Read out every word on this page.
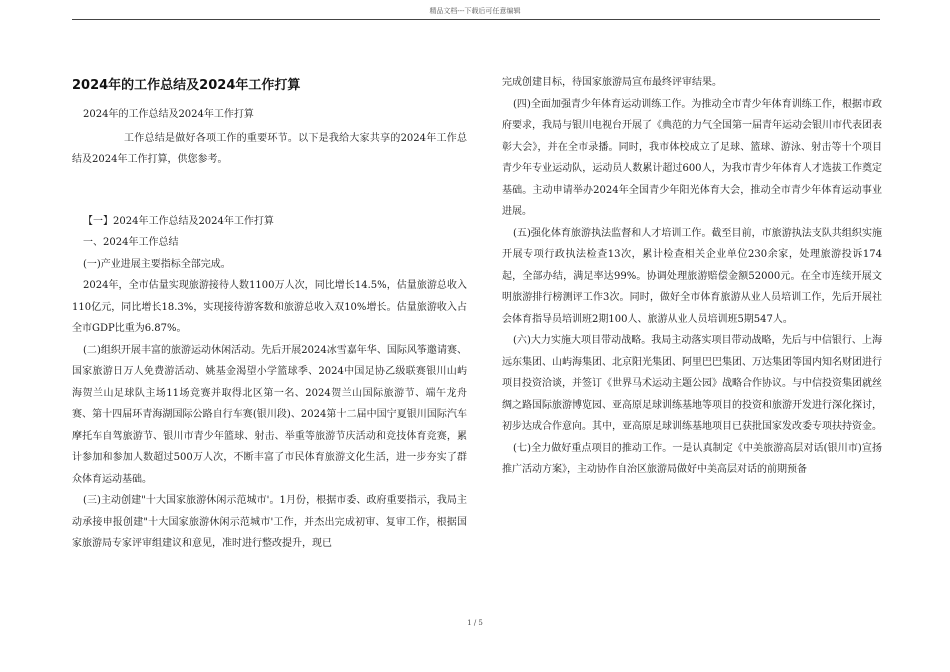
精品文档---下载后可任意编辑
2024年的工作总结及2024年工作打算

2024年的工作总结及2024年工作打算

工作总结是做好各项工作的重要环节。以下是我给大家共享的2024年工作总结及2024年工作打算，供您参考。

【一】2024年工作总结及2024年工作打算

一、2024年工作总结

(一)产业进展主要指标全部完成。

2024年，全市估量实现旅游接待人数1100万人次，同比增长14.5%，估量旅游总收入110亿元，同比增长18.3%，实现接待游客数和旅游总收入双10%增长。估量旅游收入占全市GDP比重为6.87%。

(二)组织开展丰富的旅游运动休闲活动。先后开展2024冰雪嘉年华、国际风筝邀请赛、国家旅游日万人免费游活动、姚基金渴望小学篮球季、2024中国足协乙级联赛银川山屿海贺兰山足球队主场11场竞赛并取得北区第一名、2024贺兰山国际旅游节、端午龙舟赛、第十四届环青海湖国际公路自行车赛(银川段)、2024第十二届中国宁夏银川国际汽车摩托车自驾旅游节、银川市青少年篮球、射击、举重等旅游节庆活动和竞技体育竞赛，累计参加和参加人数超过500万人次，不断丰富了市民体育旅游文化生活，进一步夯实了群众体育运动基础。

(三)主动创建"十大国家旅游休闲示范城市'。1月份，根据市委、政府重要指示，我局主动承接申报创建"十大国家旅游休闲示范城市'工作，并杰出完成初审、复审工作，根据国家旅游局专家评审组建议和意见，准时进行整改提升，现已

完成创建目标，待国家旅游局宣布最终评审结果。

(四)全面加强青少年体育运动训练工作。为推动全市青少年体育训练工作，根据市政府要求，我局与银川电视台开展了《典范的力气全国第一届青年运动会银川市代表团表彰大会》，并在全市录播。同时，我市体校成立了足球、篮球、游泳、射击等十个项目青少年专业运动队，运动员人数累计超过600人，为我市青少年体育人才选拔工作奠定基础。主动申请举办2024年全国青少年阳光体育大会，推动全市青少年体育运动事业进展。

(五)强化体育旅游执法监督和人才培训工作。截至目前，市旅游执法支队共组织实施开展专项行政执法检查13次，累计检查相关企业单位230余家，处理旅游投诉174起，全部办结，满足率达99%。协调处理旅游赔偿金额52000元。在全市连续开展文明旅游排行榜测评工作3次。同时，做好全市体育旅游从业人员培训工作，先后开展社会体育指导员培训班2期100人、旅游从业人员培训班5期547人。

(六)大力实施大项目带动战略。我局主动落实项目带动战略，先后与中信银行、上海远东集团、山屿海集团、北京阳光集团、阿里巴巴集团、万达集团等国内知名财团进行项目投资洽谈，并签订《世界马术运动主题公园》战略合作协议。与中信投资集团就丝绸之路国际旅游博览园、亚高原足球训练基地等项目的投资和旅游开发进行深化探讨，初步达成合作意向。其中，亚高原足球训练基地项目已获批国家发改委专项扶持资金。

(七)全力做好重点项目的推动工作。一是认真制定《中美旅游高层对话(银川市)宣扬推广活动方案》，主动协作自治区旅游局做好中美高层对话的前期预备

1 / 5
